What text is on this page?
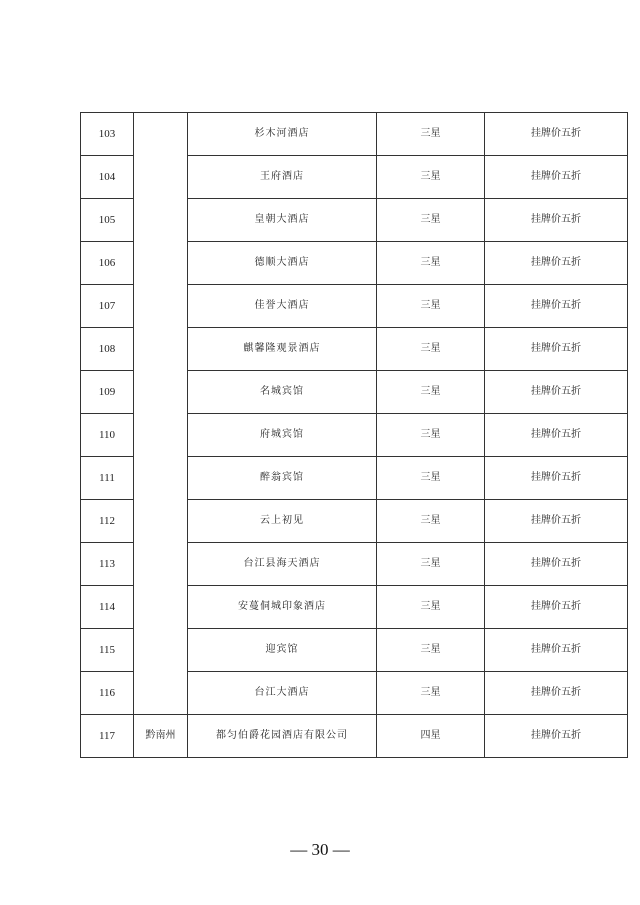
103		杉木河酒店	三星	挂牌价五折
104		王府酒店	三星	挂牌价五折
105		皇朝大酒店	三星	挂牌价五折
106		德顺大酒店	三星	挂牌价五折
107		佳誉大酒店	三星	挂牌价五折
108		麒馨隆观景酒店	三星	挂牌价五折
109		名城宾馆	三星	挂牌价五折
110		府城宾馆	三星	挂牌价五折
111		醉翁宾馆	三星	挂牌价五折
112		云上初见	三星	挂牌价五折
113		台江县海天酒店	三星	挂牌价五折
114		安蔓侗城印象酒店	三星	挂牌价五折
115		迎宾馆	三星	挂牌价五折
116		台江大酒店	三星	挂牌价五折
117	黔南州	都匀伯爵花园酒店有限公司	四星	挂牌价五折
— 30 —
